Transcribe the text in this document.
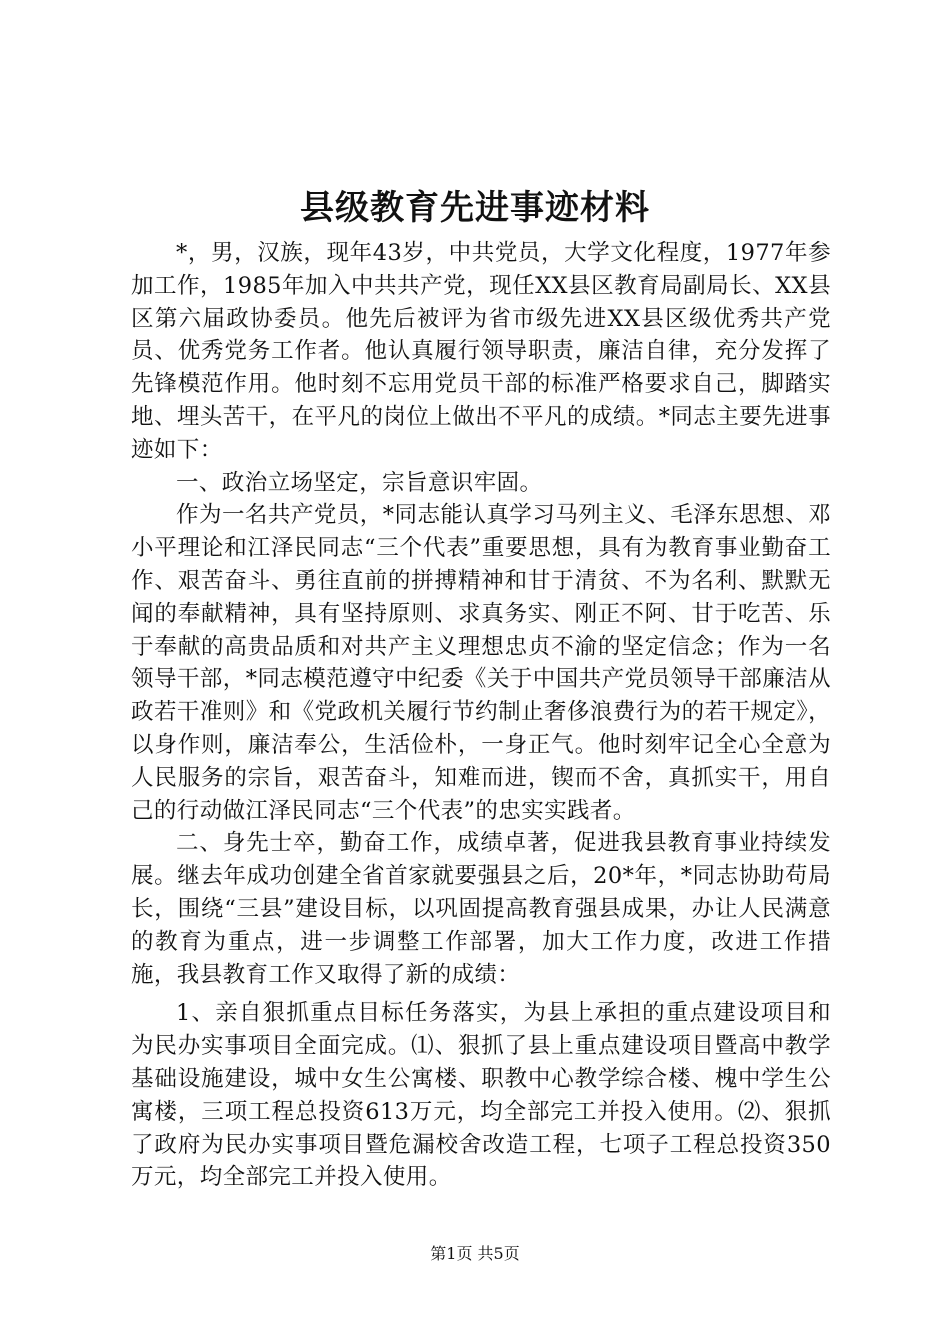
县级教育先进事迹材料

*，男，汉族，现年43岁，中共党员，大学文化程度，1977年参加工作，1985年加入中共共产党，现任XX县区教育局副局长、XX县区第六届政协委员。他先后被评为省市级先进XX县区级优秀共产党员、优秀党务工作者。他认真履行领导职责，廉洁自律，充分发挥了先锋模范作用。他时刻不忘用党员干部的标准严格要求自己，脚踏实地、埋头苦干，在平凡的岗位上做出不平凡的成绩。*同志主要先进事迹如下：

一、政治立场坚定，宗旨意识牢固。

作为一名共产党员，*同志能认真学习马列主义、毛泽东思想、邓小平理论和江泽民同志“三个代表”重要思想，具有为教育事业勤奋工作、艰苦奋斗、勇往直前的拼搏精神和甘于清贫、不为名利、默默无闻的奉献精神，具有坚持原则、求真务实、刚正不阿、甘于吃苦、乐于奉献的高贵品质和对共产主义理想忠贞不渝的坚定信念；作为一名领导干部，*同志模范遵守中纪委《关于中国共产党员领导干部廉洁从政若干准则》和《党政机关履行节约制止奢侈浪费行为的若干规定》，以身作则，廉洁奉公，生活俭朴，一身正气。他时刻牢记全心全意为人民服务的宗旨，艰苦奋斗，知难而进，锲而不舍，真抓实干，用自己的行动做江泽民同志“三个代表”的忠实实践者。

二、身先士卒，勤奋工作，成绩卓著，促进我县教育事业持续发展。继去年成功创建全省首家就要强县之后，20*年，*同志协助苟局长，围绕“三县”建设目标，以巩固提高教育强县成果，办让人民满意的教育为重点，进一步调整工作部署，加大工作力度，改进工作措施，我县教育工作又取得了新的成绩：

1、亲自狠抓重点目标任务落实，为县上承担的重点建设项目和为民办实事项目全面完成。⑴、狠抓了县上重点建设项目暨高中教学基础设施建设，城中女生公寓楼、职教中心教学综合楼、槐中学生公寓楼，三项工程总投资613万元，均全部完工并投入使用。⑵、狠抓了政府为民办实事项目暨危漏校舍改造工程，七项子工程总投资350万元，均全部完工并投入使用。

第1页 共5页
